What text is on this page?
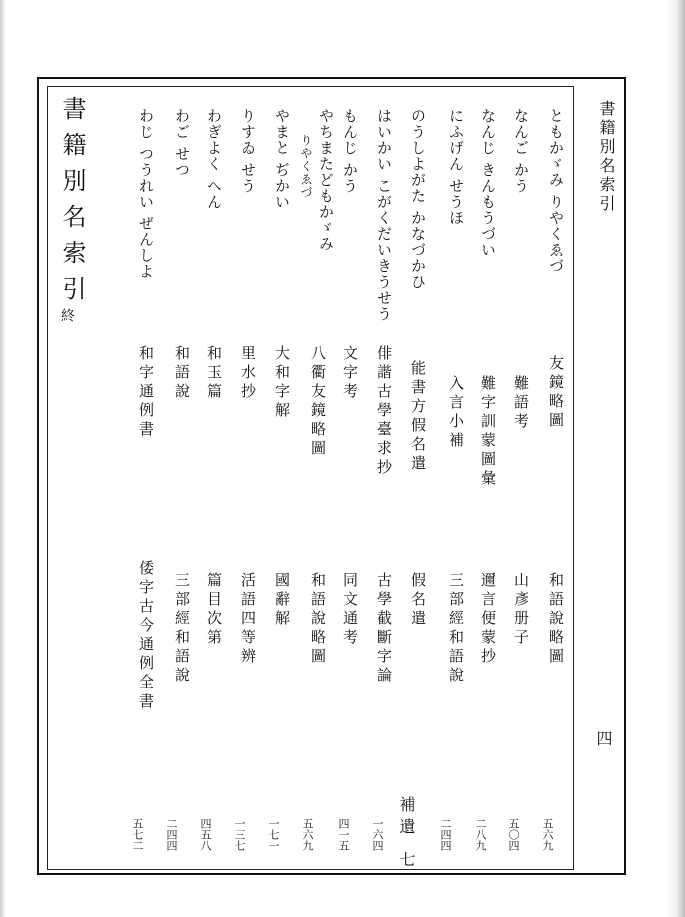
書籍別名索引
四
書籍別名索引
終
ともかゞみ りやくゑづ
なんご かう
なんじ きんもうづい
にふげん せうほ
のうしよがた かなづかひ
はいかい こがくだいきうせう
もんじ かう
やちまたどもかゞみ
りやくゑづ
やまと ぢかい
りすゐ せう
わぎよく へん
わご せつ
わじ つうれい ぜんしよ
友鏡略圖
難語考
難字訓蒙圖彙
入言小補
能書方假名遣
俳諧古學臺求抄
文字考
八衢友鏡略圖
大和字解
里水抄
和玉篇
和語說
和字通例書
和語說略圖
山彥册子
邇言便蒙抄
三部經和語說
假名遣
古學截斷字論
同文通考
和語說略圖
國辭解
活語四等辨
篇目次第
三部經和語說
倭字古今通例全書
五六九
五〇四
二八九
二四四
補遺 七
一六四
四一五
五六九
一七一
一三七
四五八
二四四
五七二
